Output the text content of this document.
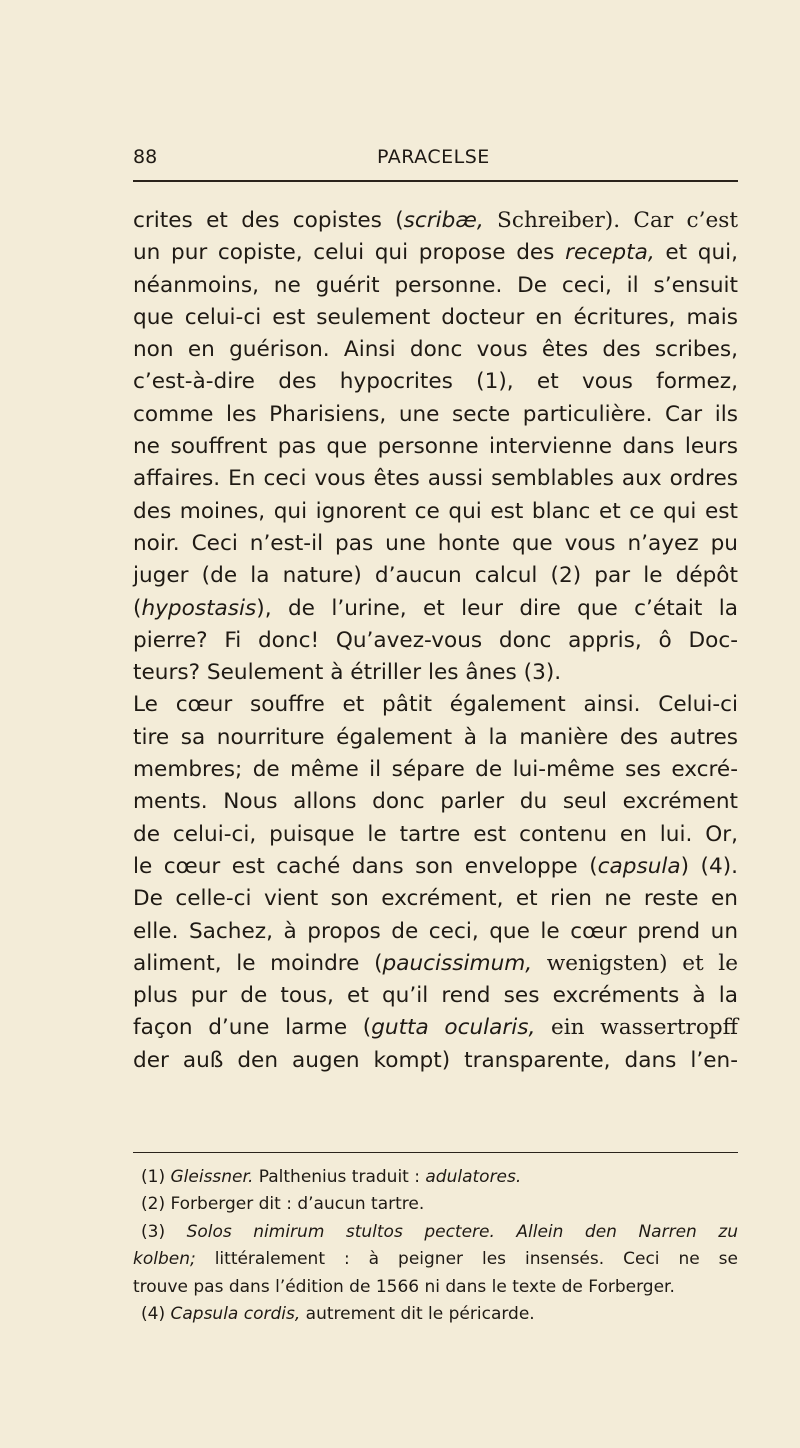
88	PARACELSE
crites et des copistes (scribæ, Schreiber). Car c’est
un pur copiste, celui qui propose des recepta, et qui,
néanmoins, ne guérit personne. De ceci, il s’ensuit
que celui-ci est seulement docteur en écritures, mais
non en guérison. Ainsi donc vous êtes des scribes,
c’est-à-dire des hypocrites (1), et vous formez,
comme les Pharisiens, une secte particulière. Car ils
ne souffrent pas que personne intervienne dans leurs
affaires. En ceci vous êtes aussi semblables aux ordres
des moines, qui ignorent ce qui est blanc et ce qui est
noir. Ceci n’est-il pas une honte que vous n’ayez pu
juger (de la nature) d’aucun calcul (2) par le dépôt
(hypostasis), de l’urine, et leur dire que c’était la
pierre? Fi donc! Qu’avez-vous donc appris, ô Doc-
teurs? Seulement à étriller les ânes (3).
Le cœur souffre et pâtit également ainsi. Celui-ci
tire sa nourriture également à la manière des autres
membres; de même il sépare de lui-même ses excré-
ments. Nous allons donc parler du seul excrément
de celui-ci, puisque le tartre est contenu en lui. Or,
le cœur est caché dans son enveloppe (capsula) (4).
De celle-ci vient son excrément, et rien ne reste en
elle. Sachez, à propos de ceci, que le cœur prend un
aliment, le moindre (paucissimum, wenigsten) et le
plus pur de tous, et qu’il rend ses excréments à la
façon d’une larme (gutta ocularis, ein wassertropff
der auß den augen kompt) transparente, dans l’en-
(1) Gleissner. Palthenius traduit : adulatores.
(2) Forberger dit : d’aucun tartre.
(3) Solos nimirum stultos pectere. Allein den Narren zu
kolben; littéralement : à peigner les insensés. Ceci ne se
trouve pas dans l’édition de 1566 ni dans le texte de Forberger.
(4) Capsula cordis, autrement dit le péricarde.
